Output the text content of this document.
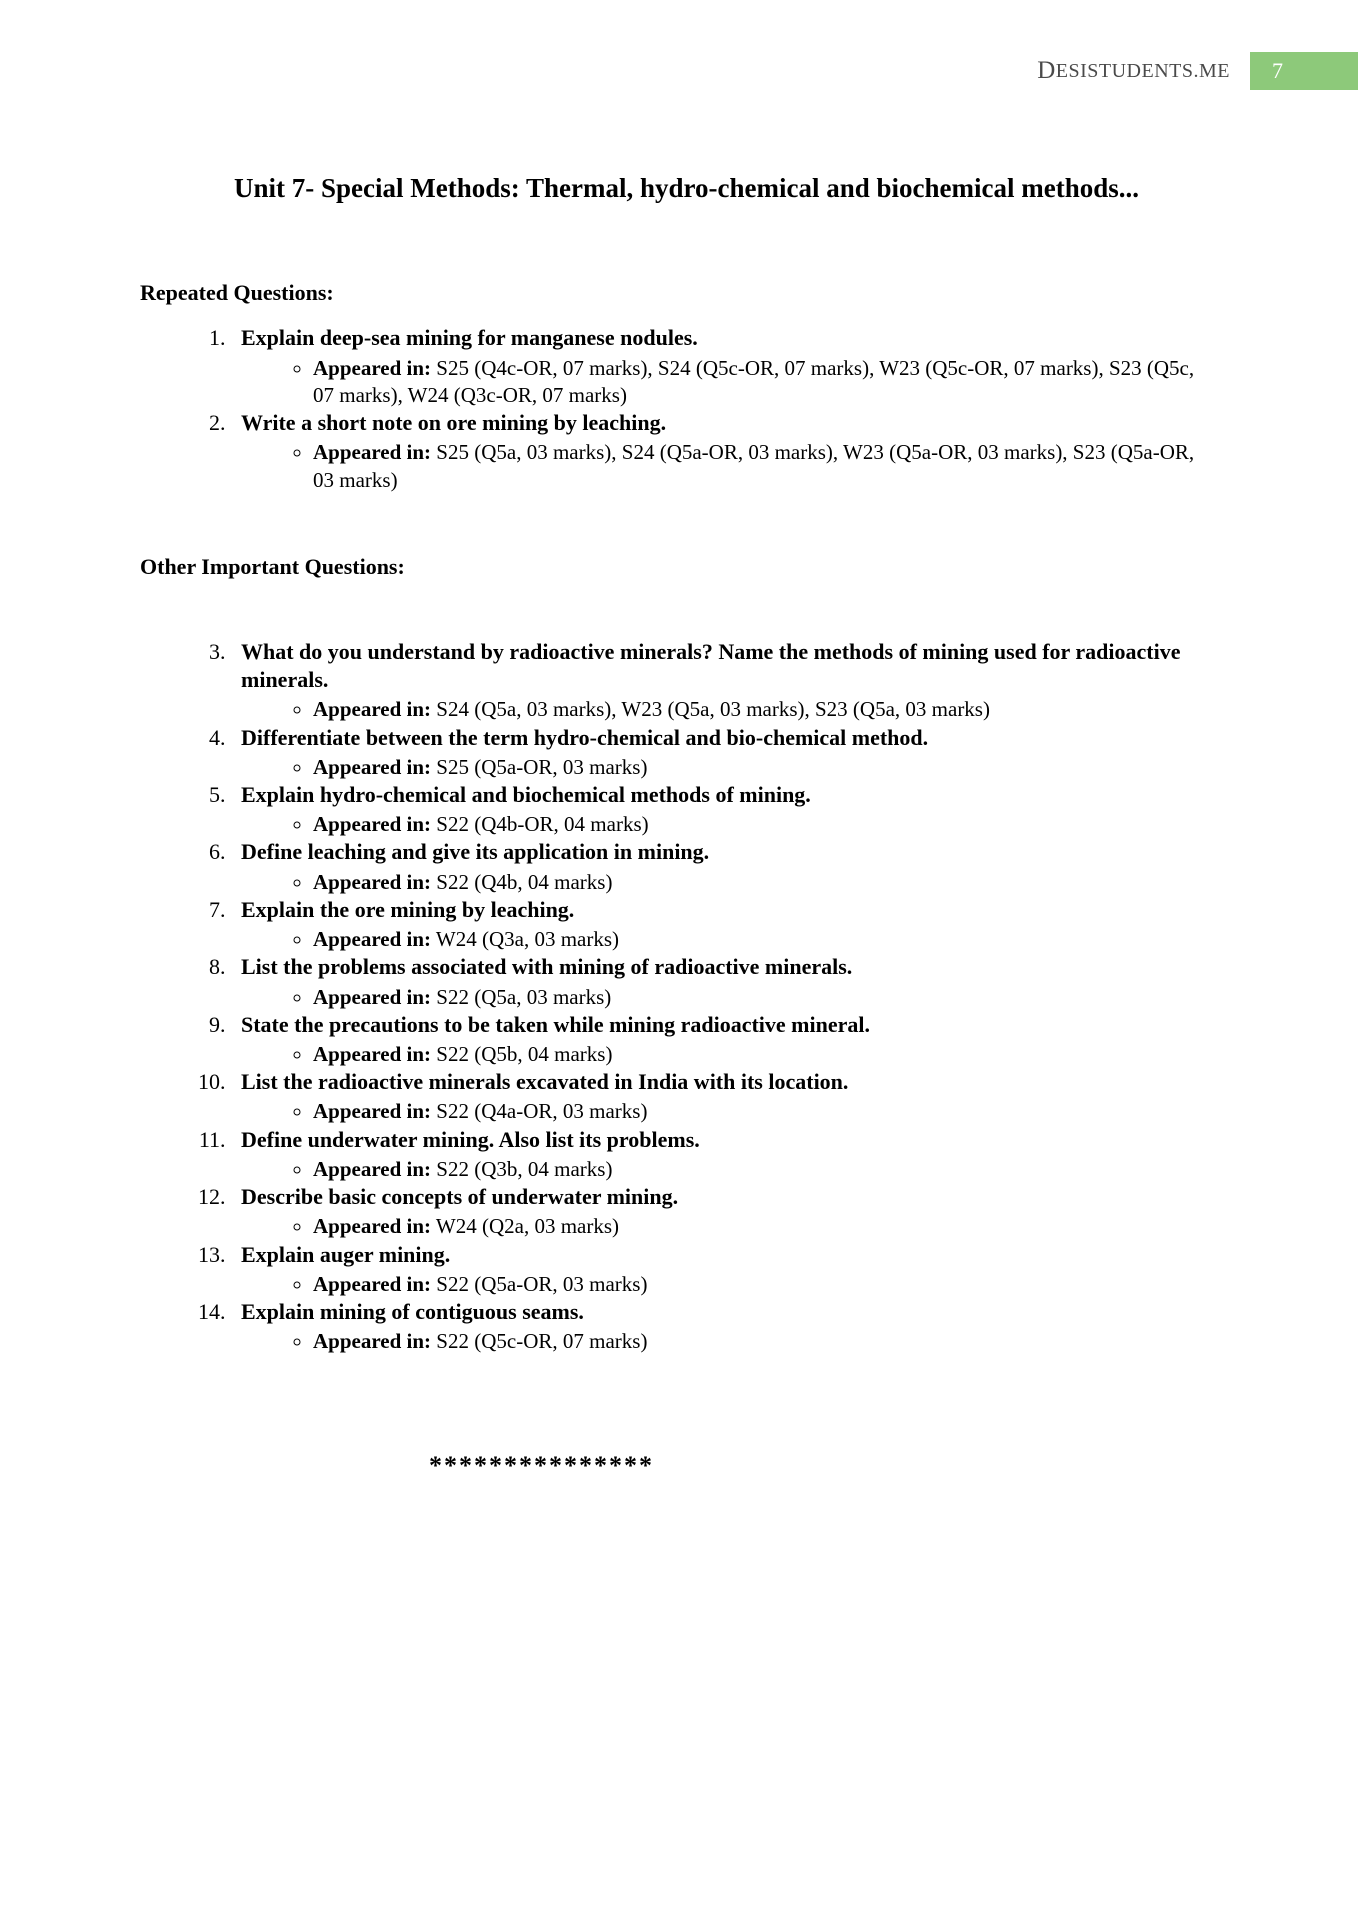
D ESISTUDENTS.ME 7
Unit 7- Special Methods: Thermal, hydro-chemical and biochemical methods...
Repeated Questions:
1. Explain deep-sea mining for manganese nodules.
◦ Appeared in: S25 (Q4c-OR, 07 marks), S24 (Q5c-OR, 07 marks), W23 (Q5c-OR, 07 marks), S23 (Q5c, 07 marks), W24 (Q3c-OR, 07 marks)
2. Write a short note on ore mining by leaching.
◦ Appeared in: S25 (Q5a, 03 marks), S24 (Q5a-OR, 03 marks), W23 (Q5a-OR, 03 marks), S23 (Q5a-OR, 03 marks)
Other Important Questions:
3. What do you understand by radioactive minerals? Name the methods of mining used for radioactive minerals.
◦ Appeared in: S24 (Q5a, 03 marks), W23 (Q5a, 03 marks), S23 (Q5a, 03 marks)
4. Differentiate between the term hydro-chemical and bio-chemical method.
◦ Appeared in: S25 (Q5a-OR, 03 marks)
5. Explain hydro-chemical and biochemical methods of mining.
◦ Appeared in: S22 (Q4b-OR, 04 marks)
6. Define leaching and give its application in mining.
◦ Appeared in: S22 (Q4b, 04 marks)
7. Explain the ore mining by leaching.
◦ Appeared in: W24 (Q3a, 03 marks)
8. List the problems associated with mining of radioactive minerals.
◦ Appeared in: S22 (Q5a, 03 marks)
9. State the precautions to be taken while mining radioactive mineral.
◦ Appeared in: S22 (Q5b, 04 marks)
10. List the radioactive minerals excavated in India with its location.
◦ Appeared in: S22 (Q4a-OR, 03 marks)
11. Define underwater mining. Also list its problems.
◦ Appeared in: S22 (Q3b, 04 marks)
12. Describe basic concepts of underwater mining.
◦ Appeared in: W24 (Q2a, 03 marks)
13. Explain auger mining.
◦ Appeared in: S22 (Q5a-OR, 03 marks)
14. Explain mining of contiguous seams.
◦ Appeared in: S22 (Q5c-OR, 07 marks)
***************
